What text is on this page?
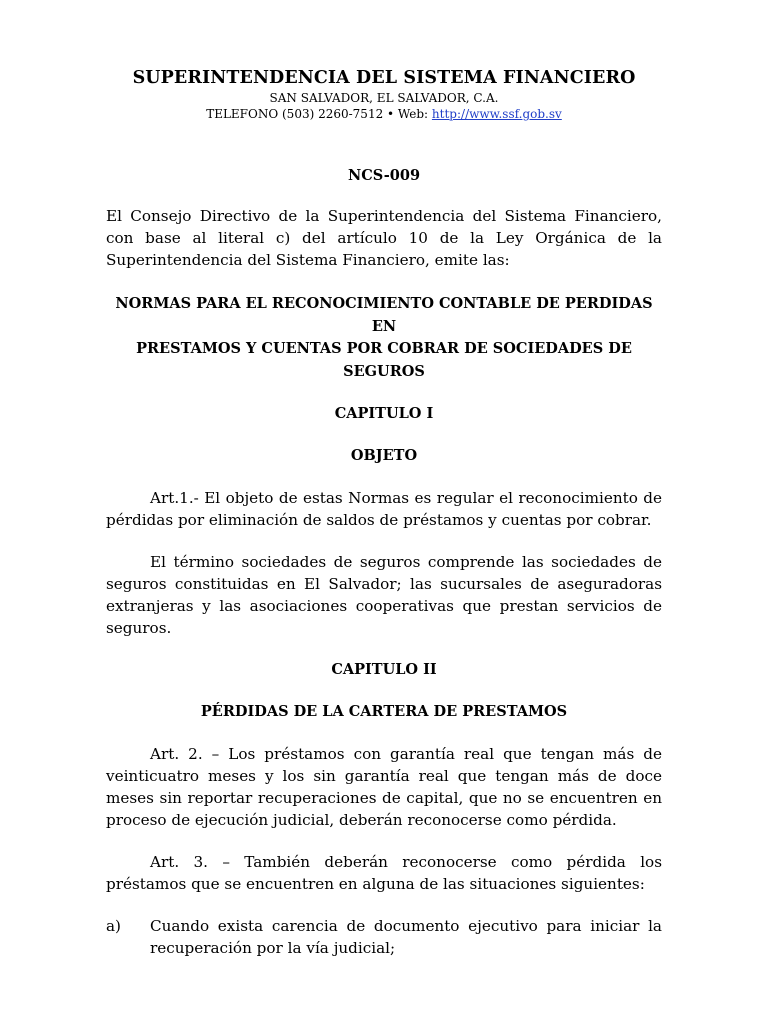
SUPERINTENDENCIA DEL SISTEMA FINANCIERO
SAN SALVADOR, EL SALVADOR, C.A.
TELEFONO (503) 2260-7512 • Web: http://www.ssf.gob.sv
NCS-009

El Consejo Directivo de la Superintendencia del Sistema Financiero, con base al literal c) del artículo 10 de la Ley Orgánica de la Superintendencia del Sistema Financiero, emite las:

NORMAS PARA EL RECONOCIMIENTO CONTABLE DE PERDIDAS EN
PRESTAMOS Y CUENTAS POR COBRAR DE SOCIEDADES DE SEGUROS
CAPITULO I
OBJETO

Art.1.- El objeto de estas Normas es regular el reconocimiento de pérdidas por eliminación de saldos de préstamos y cuentas por cobrar.

El término sociedades de seguros comprende las sociedades de seguros constituidas en El Salvador; las sucursales de aseguradoras extranjeras y las asociaciones cooperativas que prestan servicios de seguros.

CAPITULO II
PÉRDIDAS DE LA CARTERA DE PRESTAMOS

Art. 2. – Los préstamos con garantía real que tengan más de veinticuatro meses y los sin garantía real que tengan más de doce meses sin reportar recuperaciones de capital, que no se encuentren en proceso de ejecución judicial, deberán reconocerse como pérdida.

Art. 3. – También deberán reconocerse como pérdida los préstamos que se encuentren en alguna de las situaciones siguientes:

a)	Cuando exista carencia de documento ejecutivo para iniciar la recuperación por la vía judicial;
